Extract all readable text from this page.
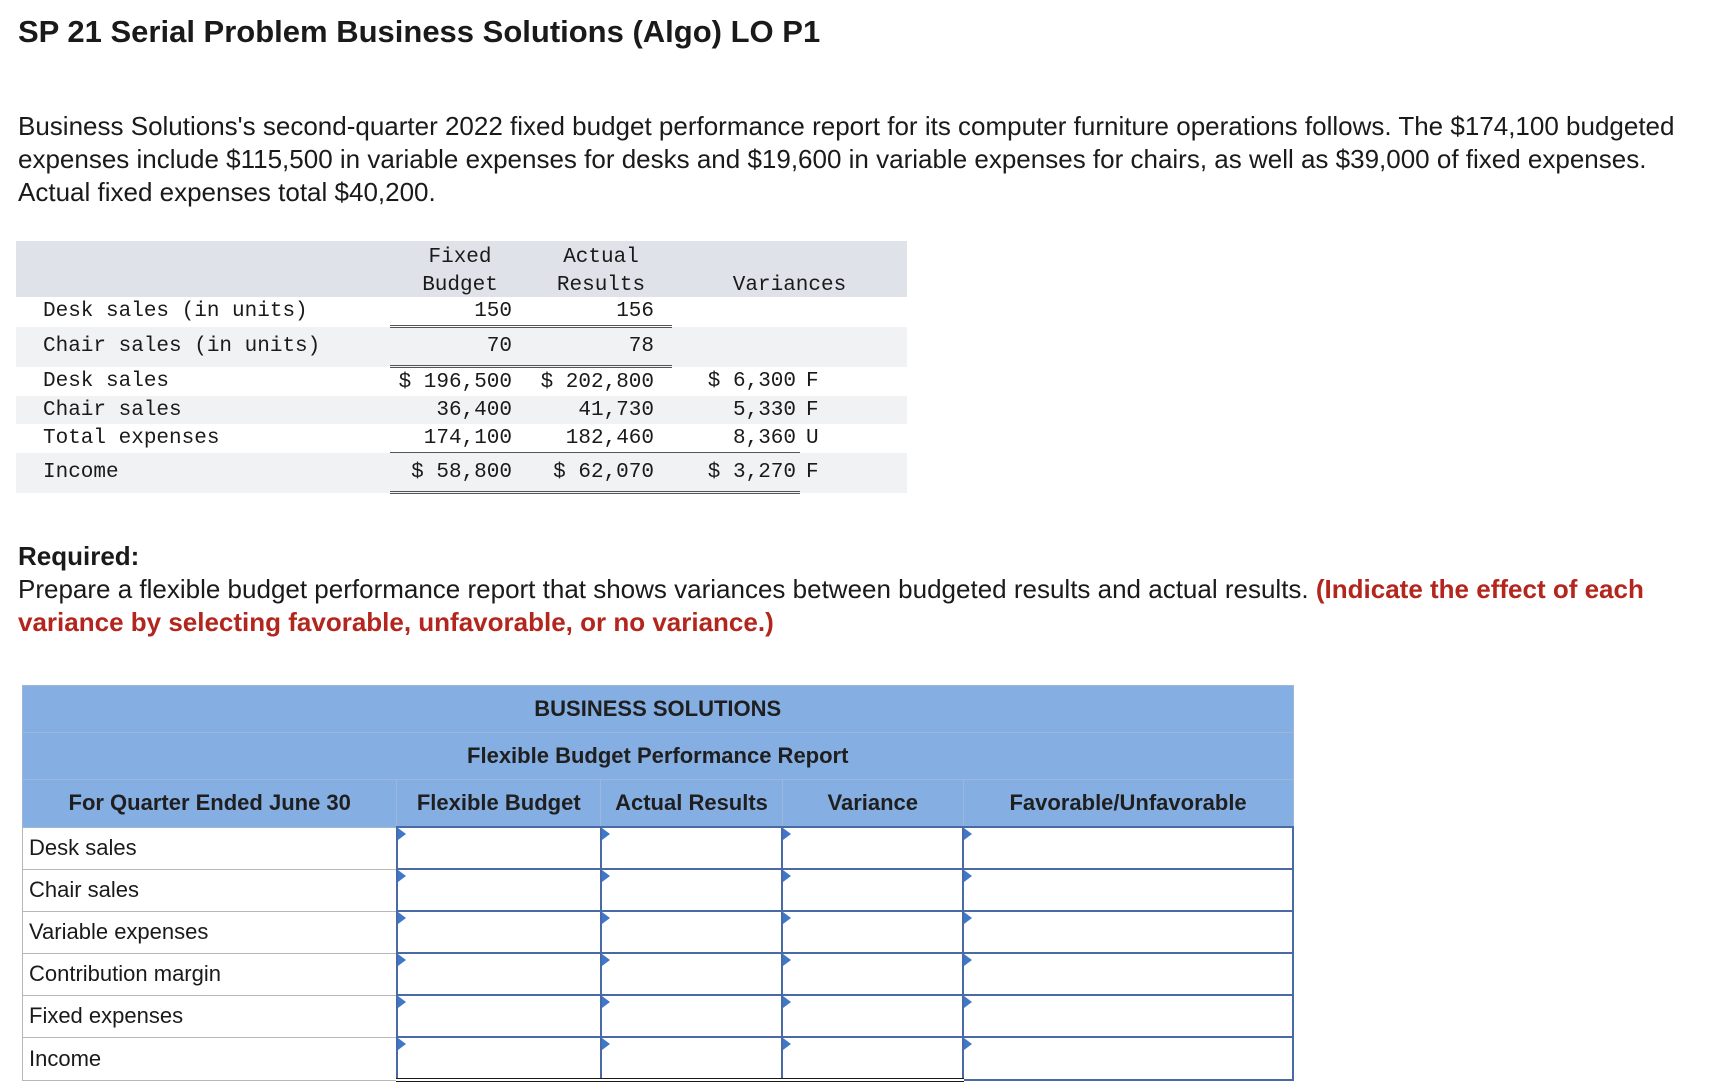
SP 21 Serial Problem Business Solutions (Algo) LO P1

Business Solutions's second-quarter 2022 fixed budget performance report for its computer furniture operations follows. The $174,100 budgeted expenses include $115,500 in variable expenses for desks and $19,600 in variable expenses for chairs, as well as $39,000 of fixed expenses. Actual fixed expenses total $40,200.

	Fixed	Actual		
	Budget	Results	Variances	
Desk sales (in units)	150	156		
Chair sales (in units)	70	78		
Desk sales	$ 196,500	$ 202,800	$ 6,300	F
Chair sales	36,400	41,730	5,330	F
Total expenses	174,100	182,460	8,360	U
Income	$ 58,800	$ 62,070	$ 3,270	F
Required:
Prepare a flexible budget performance report that shows variances between budgeted results and actual results. (Indicate the effect of each variance by selecting favorable, unfavorable, or no variance.)
BUSINESS SOLUTIONS				
Flexible Budget Performance Report				
For Quarter Ended June 30	Flexible Budget	Actual Results	Variance	Favorable/Unfavorable
Desk sales				
Chair sales				
Variable expenses				
Contribution margin				
Fixed expenses				
Income				
